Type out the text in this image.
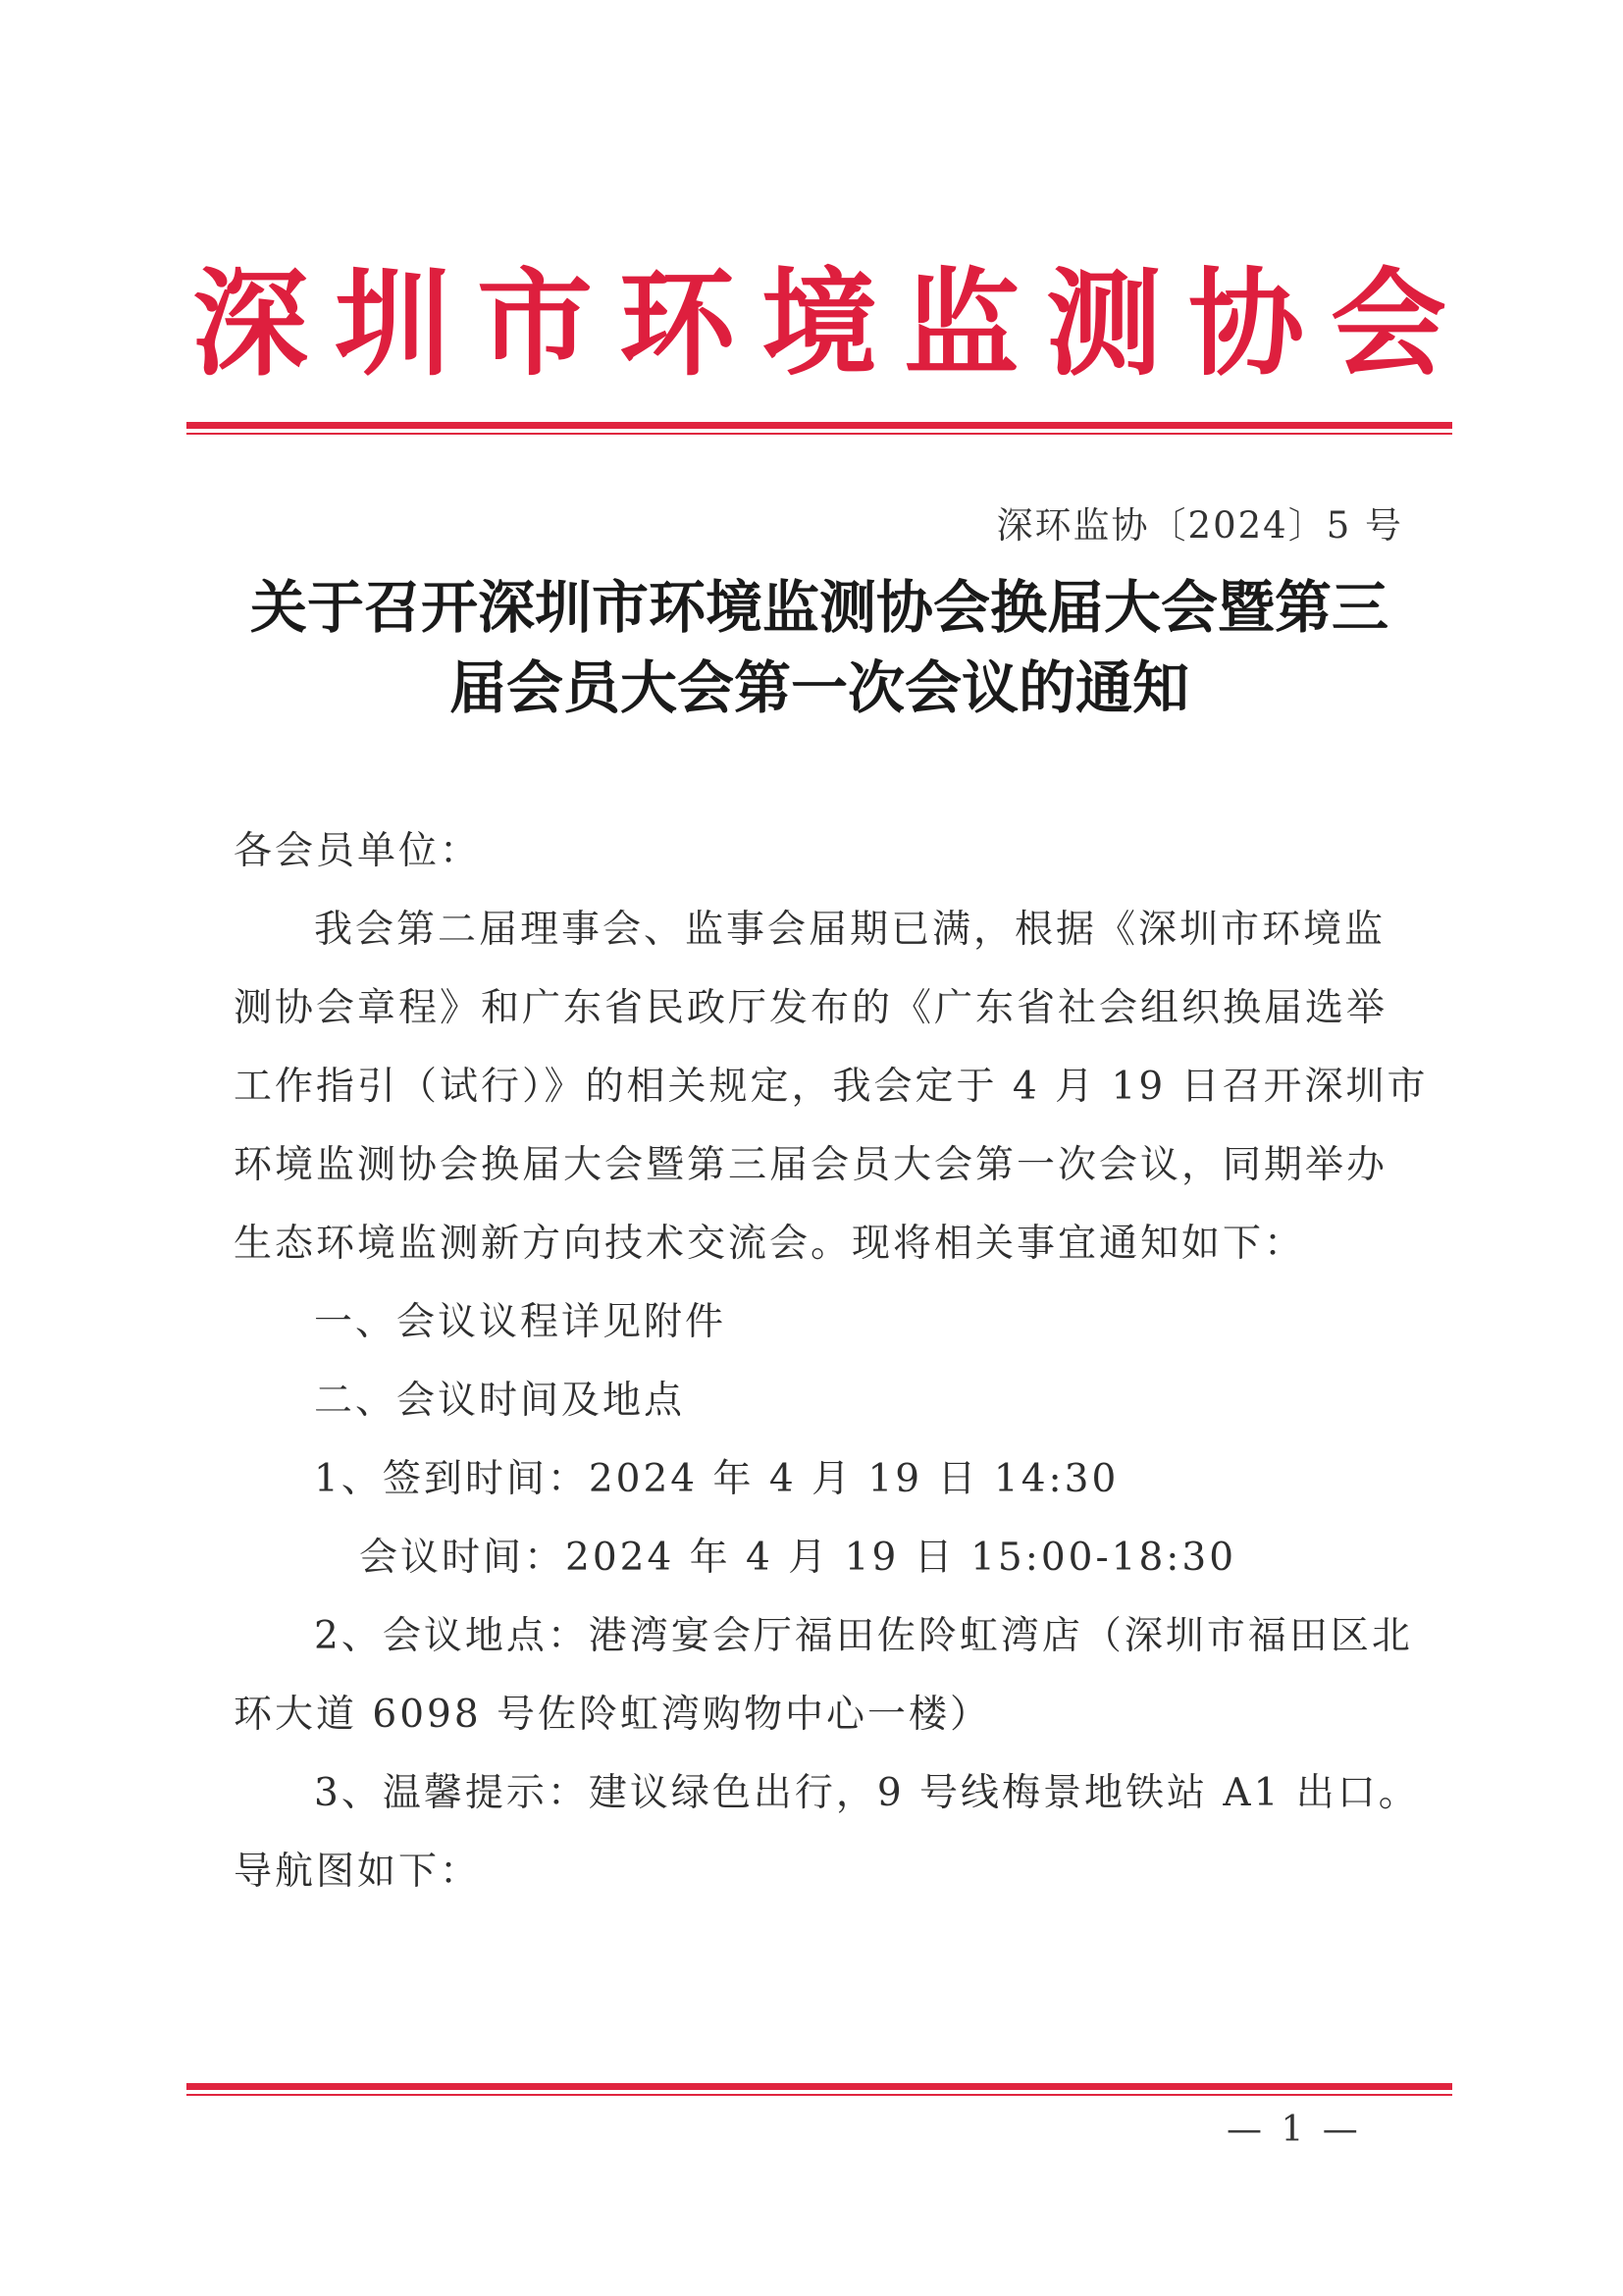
深 圳 市 环 境 监 测 协 会
深环监协〔2024〕5 号
关于召开深圳市环境监测协会换届大会暨第三
届会员大会第一次会议的通知

各会员单位：

我会第二届理事会、监事会届期已满，根据《深圳市环境监

测协会章程》和广东省民政厅发布的《广东省社会组织换届选举

工作指引（试行）》的相关规定，我会定于 4 月 19 日召开深圳市

环境监测协会换届大会暨第三届会员大会第一次会议，同期举办

生态环境监测新方向技术交流会。现将相关事宜通知如下：

一、会议议程详见附件

二、会议时间及地点

1、签到时间：2024 年 4 月 19 日 14:30

会议时间：2024 年 4 月 19 日 15:00-18:30

2、会议地点：港湾宴会厅福田佐阾虹湾店（深圳市福田区北

环大道 6098 号佐阾虹湾购物中心一楼）

3、温馨提示：建议绿色出行，9 号线梅景地铁站 A1 出口。

导航图如下：

— 1 —
